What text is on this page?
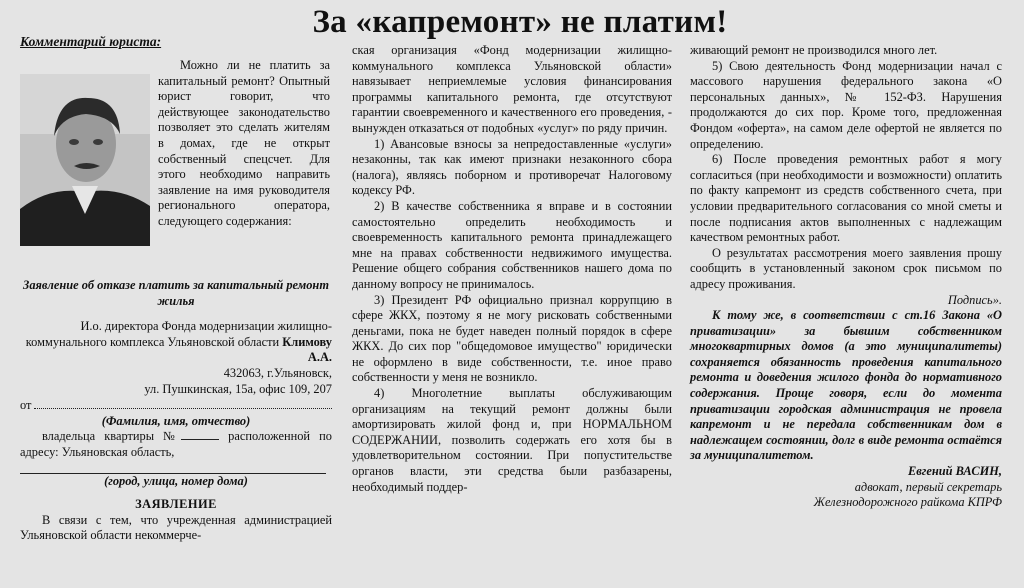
За «капремонт» не платим!
Комментарий юриста:

Можно ли не платить за капитальный ремонт? Опытный юрист говорит, что действующее законодательство позволяет это сделать жителям в домах, где не открыт собственный спецсчет. Для этого необходимо направить заявление на имя руководителя регионального оператора, следующего содержания:

Заявление об отказе платить за капитальный ремонт жилья

И.о. директора Фонда модернизации жилищно-коммунального комплекса Ульяновской области Климову А.А.
432063, г.Ульяновск,
ул. Пушкинская, 15а, офис 109, 207

от

(Фамилия, имя, отчество)

владельца квартиры №	расположенной по адресу: Ульяновская область,

(город, улица, номер дома)

ЗАЯВЛЕНИЕ

В связи с тем, что учрежденная администрацией Ульяновской области некоммерче-

ская организация «Фонд модернизации жилищно-коммунального комплекса Ульяновской области» навязывает неприемлемые условия финансирования программы капитального ремонта, где отсутствуют гарантии своевременного и качественного его проведения, - вынужден отказаться от подобных «услуг» по ряду причин.

1) Авансовые взносы за непредоставленные «услуги» незаконны, так как имеют признаки незаконного сбора (налога), являясь поборном и противоречат Налоговому кодексу РФ.

2) В качестве собственника я вправе и в состоянии самостоятельно определить необходимость и своевременность капитального ремонта принадлежащего мне на правах собственности недвижимого имущества. Решение общего собрания собственников нашего дома по данному вопросу не принималось.

3) Президент РФ официально признал коррупцию в сфере ЖКХ, поэтому я не могу рисковать собственными деньгами, пока не будет наведен полный порядок в сфере ЖКХ. До сих пор "общедомовое имущество" юридически не оформлено в виде собственности, т.е. иное право собственности у меня не возникло.

4) Многолетние выплаты обслуживающим организациям на текущий ремонт должны были амортизировать жилой фонд и, при НОРМАЛЬНОМ СОДЕРЖАНИИ, позволить содержать его хотя бы в удовлетворительном состоянии. При попустительстве органов власти, эти средства были разбазарены, необходимый поддер-

живающий ремонт не производился много лет.

5) Свою деятельность Фонд модернизации начал с массового нарушения федерального закона «О персональных данных», № 152-ФЗ. Нарушения продолжаются до сих пор. Кроме того, предложенная Фондом «оферта», на самом деле офертой не является по определению.

6) После проведения ремонтных работ я могу согласиться (при необходимости и возможности) оплатить по факту капремонт из средств собственного счета, при условии предварительного согласования со мной сметы и после подписания актов выполненных с надлежащим качеством ремонтных работ.

О результатах рассмотрения моего заявления прошу сообщить в установленный законом срок письмом по адресу проживания.

Подпись».

К тому же, в соответствии с ст.16 Закона «О приватизации» за бывшим собственником многоквартирных домов (а это муниципалитеты) сохраняется обязанность проведения капитального ремонта и доведения жилого фонда до нормативного содержания. Проще говоря, если до момента приватизации городская администрация не провела капремонт и не передала собственникам дом в надлежащем состоянии, долг в виде ремонта остаётся за муниципалитетом.

Евгений ВАСИН,

адвокат, первый секретарь

Железнодорожного райкома КПРФ
